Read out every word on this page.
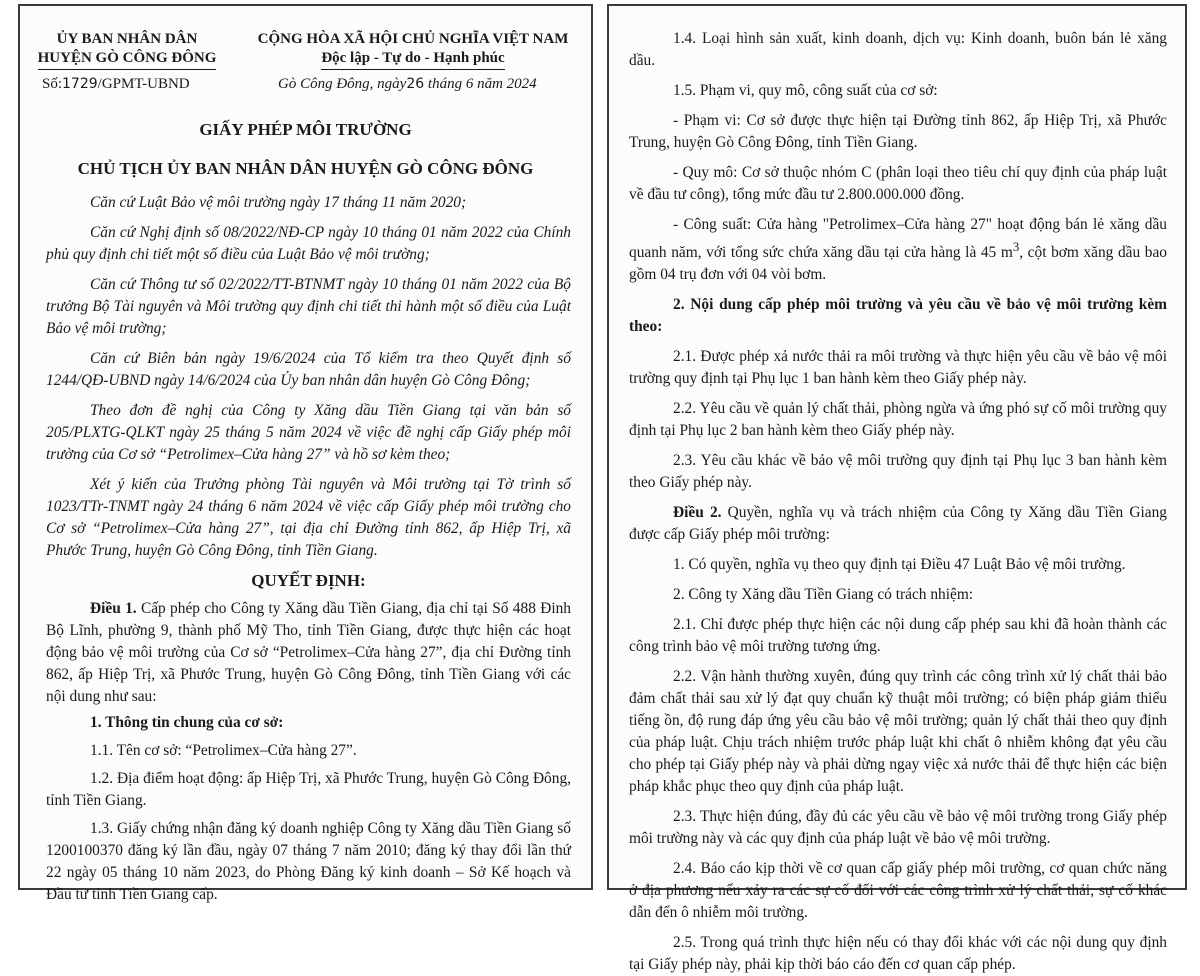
ỦY BAN NHÂN DÂN
HUYỆN GÒ CÔNG ĐÔNG
CỘNG HÒA XÃ HỘI CHỦ NGHĨA VIỆT NAM
Độc lập - Tự do - Hạnh phúc
Số:1729/GPMT-UBND	Gò Công Đông, ngày26 tháng 6 năm 2024
GIẤY PHÉP MÔI TRƯỜNG
CHỦ TỊCH ỦY BAN NHÂN DÂN HUYỆN GÒ CÔNG ĐÔNG

Căn cứ Luật Bảo vệ môi trường ngày 17 tháng 11 năm 2020;

Căn cứ Nghị định số 08/2022/NĐ-CP ngày 10 tháng 01 năm 2022 của Chính phủ quy định chi tiết một số điều của Luật Bảo vệ môi trường;

Căn cứ Thông tư số 02/2022/TT-BTNMT ngày 10 tháng 01 năm 2022 của Bộ trưởng Bộ Tài nguyên và Môi trường quy định chi tiết thi hành một số điều của Luật Bảo vệ môi trường;

Căn cứ Biên bản ngày 19/6/2024 của Tổ kiểm tra theo Quyết định số 1244/QĐ-UBND ngày 14/6/2024 của Ủy ban nhân dân huyện Gò Công Đông;

Theo đơn đề nghị của Công ty Xăng dầu Tiền Giang tại văn bản số 205/PLXTG-QLKT ngày 25 tháng 5 năm 2024 về việc đề nghị cấp Giấy phép môi trường của Cơ sở “Petrolimex–Cửa hàng 27” và hồ sơ kèm theo;

Xét ý kiến của Trưởng phòng Tài nguyên và Môi trường tại Tờ trình số 1023/TTr-TNMT ngày 24 tháng 6 năm 2024 về việc cấp Giấy phép môi trường cho Cơ sở “Petrolimex–Cửa hàng 27”, tại địa chỉ Đường tỉnh 862, ấp Hiệp Trị, xã Phước Trung, huyện Gò Công Đông, tỉnh Tiền Giang.

QUYẾT ĐỊNH:

Điều 1. Cấp phép cho Công ty Xăng dầu Tiền Giang, địa chỉ tại Số 488 Đinh Bộ Lĩnh, phường 9, thành phố Mỹ Tho, tỉnh Tiền Giang, được thực hiện các hoạt động bảo vệ môi trường của Cơ sở “Petrolimex–Cửa hàng 27”, địa chỉ Đường tỉnh 862, ấp Hiệp Trị, xã Phước Trung, huyện Gò Công Đông, tỉnh Tiền Giang với các nội dung như sau:

1. Thông tin chung của cơ sở:

1.1. Tên cơ sở: “Petrolimex–Cửa hàng 27”.

1.2. Địa điểm hoạt động: ấp Hiệp Trị, xã Phước Trung, huyện Gò Công Đông, tỉnh Tiền Giang.

1.3. Giấy chứng nhận đăng ký doanh nghiệp Công ty Xăng dầu Tiền Giang số 1200100370 đăng ký lần đầu, ngày 07 tháng 7 năm 2010; đăng ký thay đổi lần thứ 22 ngày 05 tháng 10 năm 2023, do Phòng Đăng ký kinh doanh – Sở Kế hoạch và Đầu tư tỉnh Tiền Giang cấp.

1.4. Loại hình sản xuất, kinh doanh, dịch vụ: Kinh doanh, buôn bán lẻ xăng dầu.

1.5. Phạm vi, quy mô, công suất của cơ sở:

- Phạm vi: Cơ sở được thực hiện tại Đường tỉnh 862, ấp Hiệp Trị, xã Phước Trung, huyện Gò Công Đông, tỉnh Tiền Giang.

- Quy mô: Cơ sở thuộc nhóm C (phân loại theo tiêu chí quy định của pháp luật về đầu tư công), tổng mức đầu tư 2.800.000.000 đồng.

- Công suất: Cửa hàng "Petrolimex–Cửa hàng 27" hoạt động bán lẻ xăng dầu quanh năm, với tổng sức chứa xăng dầu tại cửa hàng là 45 $m^3$, cột bơm xăng dầu bao gồm 04 trụ đơn với 04 vòi bơm.

2. Nội dung cấp phép môi trường và yêu cầu về bảo vệ môi trường kèm theo:

2.1. Được phép xả nước thải ra môi trường và thực hiện yêu cầu về bảo vệ môi trường quy định tại Phụ lục 1 ban hành kèm theo Giấy phép này.

2.2. Yêu cầu về quản lý chất thải, phòng ngừa và ứng phó sự cố môi trường quy định tại Phụ lục 2 ban hành kèm theo Giấy phép này.

2.3. Yêu cầu khác về bảo vệ môi trường quy định tại Phụ lục 3 ban hành kèm theo Giấy phép này.

Điều 2. Quyền, nghĩa vụ và trách nhiệm của Công ty Xăng dầu Tiền Giang được cấp Giấy phép môi trường:

1. Có quyền, nghĩa vụ theo quy định tại Điều 47 Luật Bảo vệ môi trường.

2. Công ty Xăng dầu Tiền Giang có trách nhiệm:

2.1. Chỉ được phép thực hiện các nội dung cấp phép sau khi đã hoàn thành các công trình bảo vệ môi trường tương ứng.

2.2. Vận hành thường xuyên, đúng quy trình các công trình xử lý chất thải bảo đảm chất thải sau xử lý đạt quy chuẩn kỹ thuật môi trường; có biện pháp giảm thiểu tiếng ồn, độ rung đáp ứng yêu cầu bảo vệ môi trường; quản lý chất thải theo quy định của pháp luật. Chịu trách nhiệm trước pháp luật khi chất ô nhiễm không đạt yêu cầu cho phép tại Giấy phép này và phải dừng ngay việc xả nước thải để thực hiện các biện pháp khắc phục theo quy định của pháp luật.

2.3. Thực hiện đúng, đầy đủ các yêu cầu về bảo vệ môi trường trong Giấy phép môi trường này và các quy định của pháp luật về bảo vệ môi trường.

2.4. Báo cáo kịp thời về cơ quan cấp giấy phép môi trường, cơ quan chức năng ở địa phương nếu xảy ra các sự cố đối với các công trình xử lý chất thải, sự cố khác dẫn đến ô nhiễm môi trường.

2.5. Trong quá trình thực hiện nếu có thay đổi khác với các nội dung quy định tại Giấy phép này, phải kịp thời báo cáo đến cơ quan cấp phép.
